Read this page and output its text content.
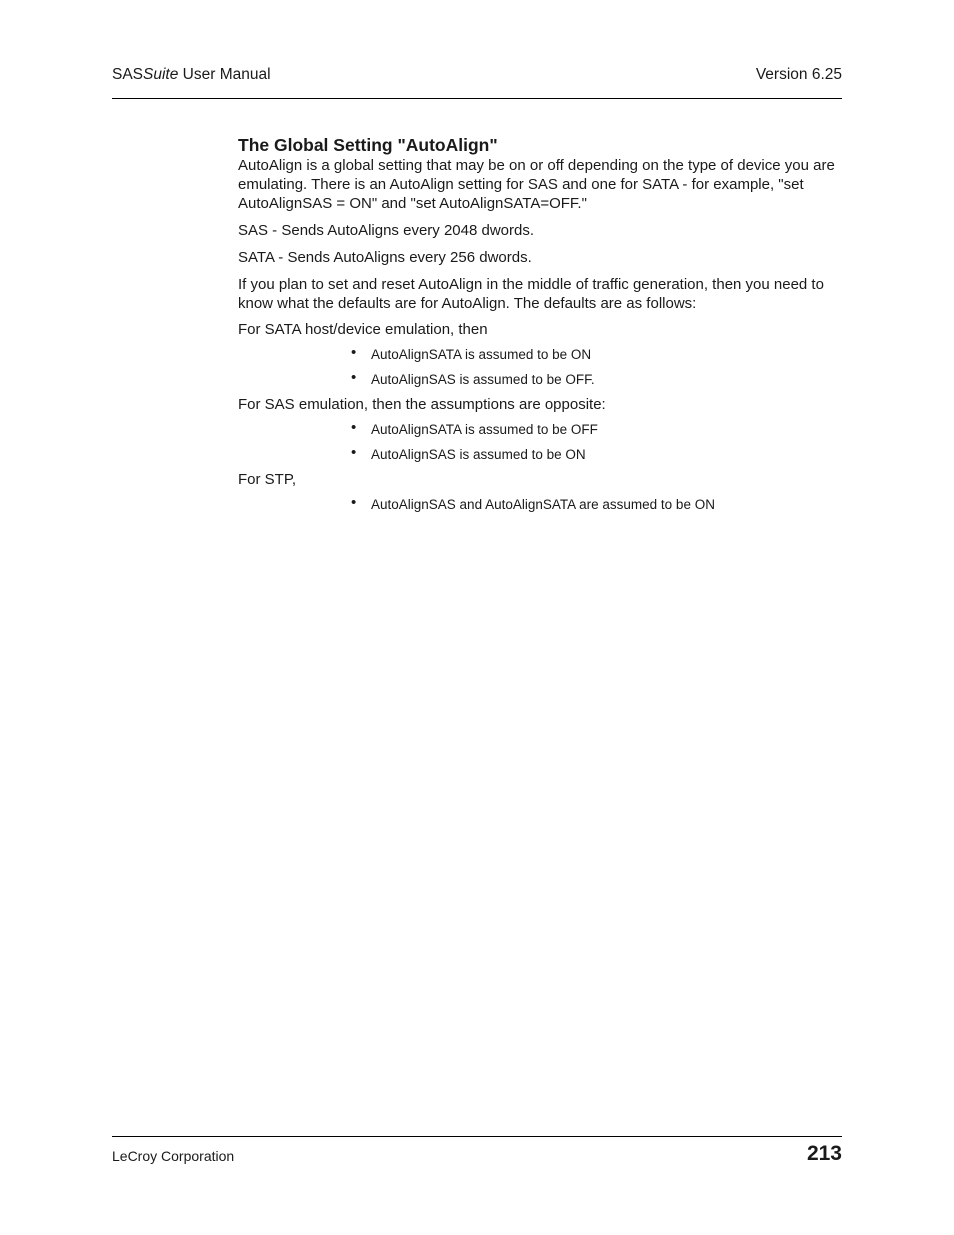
SASSuite User Manual	Version 6.25
The Global Setting "AutoAlign"

AutoAlign is a global setting that may be on or off depending on the type of device you are emulating. There is an AutoAlign setting for SAS and one for SATA - for example, "set AutoAlignSAS = ON" and "set AutoAlignSATA=OFF."

SAS - Sends AutoAligns every 2048 dwords.

SATA - Sends AutoAligns every 256 dwords.

If you plan to set and reset AutoAlign in the middle of traffic generation, then you need to know what the defaults are for AutoAlign. The defaults are as follows:

For SATA host/device emulation, then

• AutoAlignSATA is assumed to be ON
• AutoAlignSAS is assumed to be OFF.

For SAS emulation, then the assumptions are opposite:

• AutoAlignSATA is assumed to be OFF
• AutoAlignSAS is assumed to be ON

For STP,

• AutoAlignSAS and AutoAlignSATA are assumed to be ON
LeCroy Corporation	213
